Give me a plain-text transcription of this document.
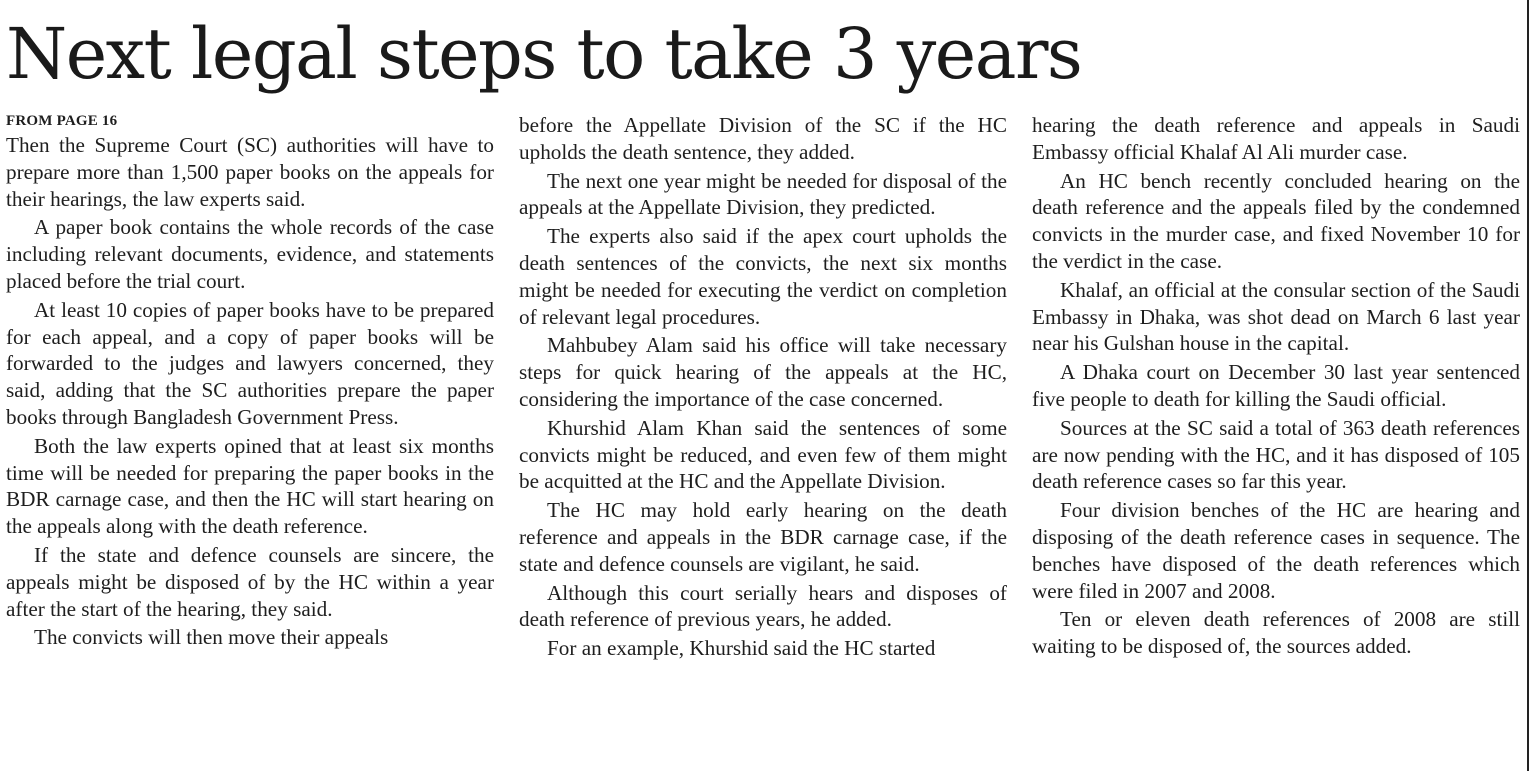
Next legal steps to take 3 years
FROM PAGE 16

Then the Supreme Court (SC) authorities will have to prepare more than 1,500 paper books on the appeals for their hearings, the law experts said.

A paper book contains the whole records of the case including relevant documents, evidence, and statements placed before the trial court.

At least 10 copies of paper books have to be prepared for each appeal, and a copy of paper books will be forwarded to the judges and lawyers concerned, they said, adding that the SC authorities prepare the paper books through Bangladesh Government Press.

Both the law experts opined that at least six months time will be needed for preparing the paper books in the BDR carnage case, and then the HC will start hearing on the appeals along with the death reference.

If the state and defence counsels are sincere, the appeals might be disposed of by the HC within a year after the start of the hearing, they said.

The convicts will then move their appeals

before the Appellate Division of the SC if the HC upholds the death sentence, they added.

The next one year might be needed for disposal of the appeals at the Appellate Division, they predicted.

The experts also said if the apex court upholds the death sentences of the convicts, the next six months might be needed for executing the verdict on completion of relevant legal procedures.

Mahbubey Alam said his office will take necessary steps for quick hearing of the appeals at the HC, considering the importance of the case concerned.

Khurshid Alam Khan said the sentences of some convicts might be reduced, and even few of them might be acquitted at the HC and the Appellate Division.

The HC may hold early hearing on the death reference and appeals in the BDR carnage case, if the state and defence counsels are vigilant, he said.

Although this court serially hears and disposes of death reference of previous years, he added.

For an example, Khurshid said the HC started

hearing the death reference and appeals in Saudi Embassy official Khalaf Al Ali murder case.

An HC bench recently concluded hearing on the death reference and the appeals filed by the condemned convicts in the murder case, and fixed November 10 for the verdict in the case.

Khalaf, an official at the consular section of the Saudi Embassy in Dhaka, was shot dead on March 6 last year near his Gulshan house in the capital.

A Dhaka court on December 30 last year sentenced five people to death for killing the Saudi official.

Sources at the SC said a total of 363 death references are now pending with the HC, and it has disposed of 105 death reference cases so far this year.

Four division benches of the HC are hearing and disposing of the death reference cases in sequence. The benches have disposed of the death references which were filed in 2007 and 2008.

Ten or eleven death references of 2008 are still waiting to be disposed of, the sources added.
